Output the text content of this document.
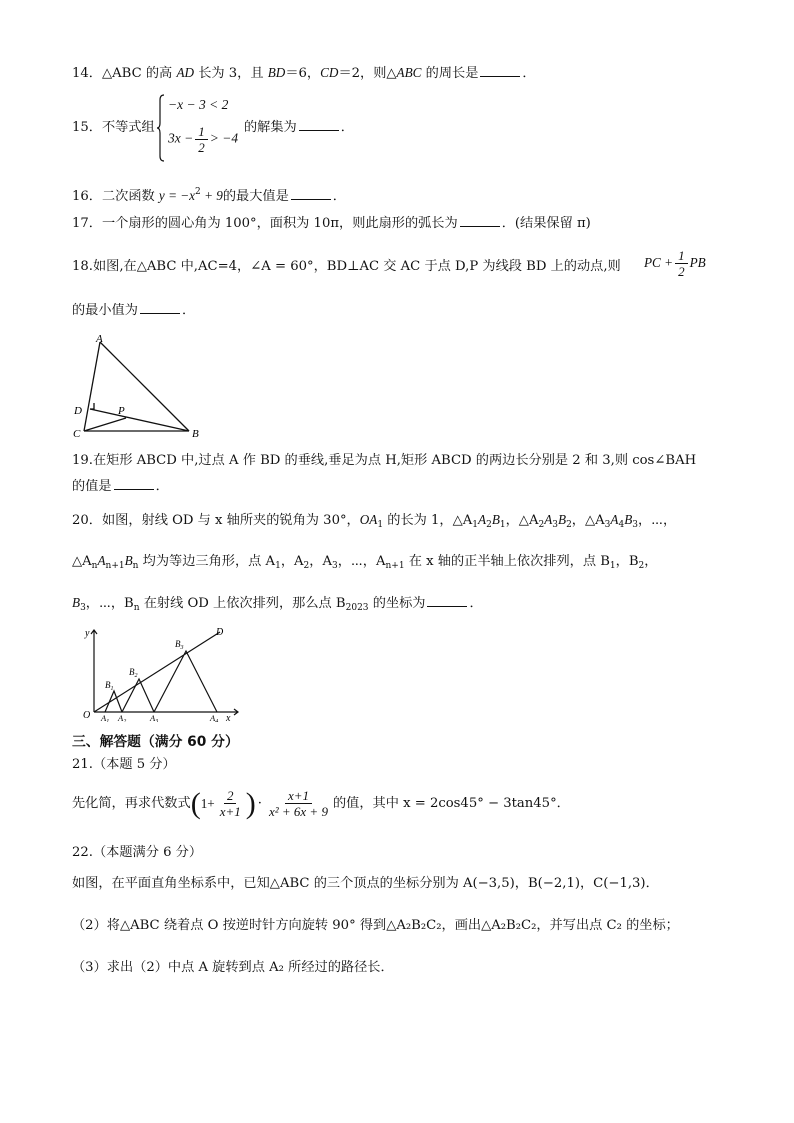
14．△ABC 的高 AD 长为 3，且 BD＝6，CD＝2，则△ABC 的周长是	．
15．不等式组
−x − 3 < 2
$3x - \frac{1}{2} > -4$
的解集为	．
16．二次函数 $y = -x^2 + 9$的最大值是	．
17．一个扇形的圆心角为 100°，面积为 10π，则此扇形的弧长为	．(结果保留 π)
18.如图,在△ABC 中,AC=4，∠A = 60°，BD⊥AC 交 AC 于点 D,P 为线段 BD 上的动点,则 PC + $\frac{1}{2}$ PB
的最小值为	．
A
D	P
C	B
19.在矩形 ABCD 中,过点 A 作 BD 的垂线,垂足为点 H,矩形 ABCD 的两边长分别是 2 和 3,则 cos∠BAH
的值是	．
20．如图，射线 OD 与 x 轴所夹的锐角为 30°，$OA_1$ 的长为 1，$\triangle A_1A_2B_1$，$\triangle A_2A_3B_2$，$\triangle A_3A_4B_3$，⋯，
$\triangle A_nA_{n+1}B_n$ 均为等边三角形，点 $A_1$，$A_2$，$A_3$，⋯，$A_{n+1}$ 在 x 轴的正半轴上依次排列，点 $B_1$，$B_2$，
$B_3$，⋯，$B_n$ 在射线 OD 上依次排列，那么点 $B_{2023}$ 的坐标为	．
y
x
O
D
$B_1$
$B_2$
$B_3$
$A_1$ $A_2$	$A_3$	$A_4$
三、解答题（满分 60 分）
21.（本题 5 分）
先化简，再求代数式 ( $1+ \frac{2}{x+1}$ ) · $\frac{x+1}{\text{x² + 6x + 9}}$ 的值，其中 x = 2cos45° − 3tan45°．
22.（本题满分 6 分）
如图，在平面直角坐标系中，已知△ABC 的三个顶点的坐标分别为 A(−3,5)，B(−2,1)，C(−1,3)．
（2）将△ABC 绕着点 O 按逆时针方向旋转 90° 得到△A₂B₂C₂，画出△A₂B₂C₂，并写出点 C₂ 的坐标；
（3）求出（2）中点 A 旋转到点 A₂ 所经过的路径长．
